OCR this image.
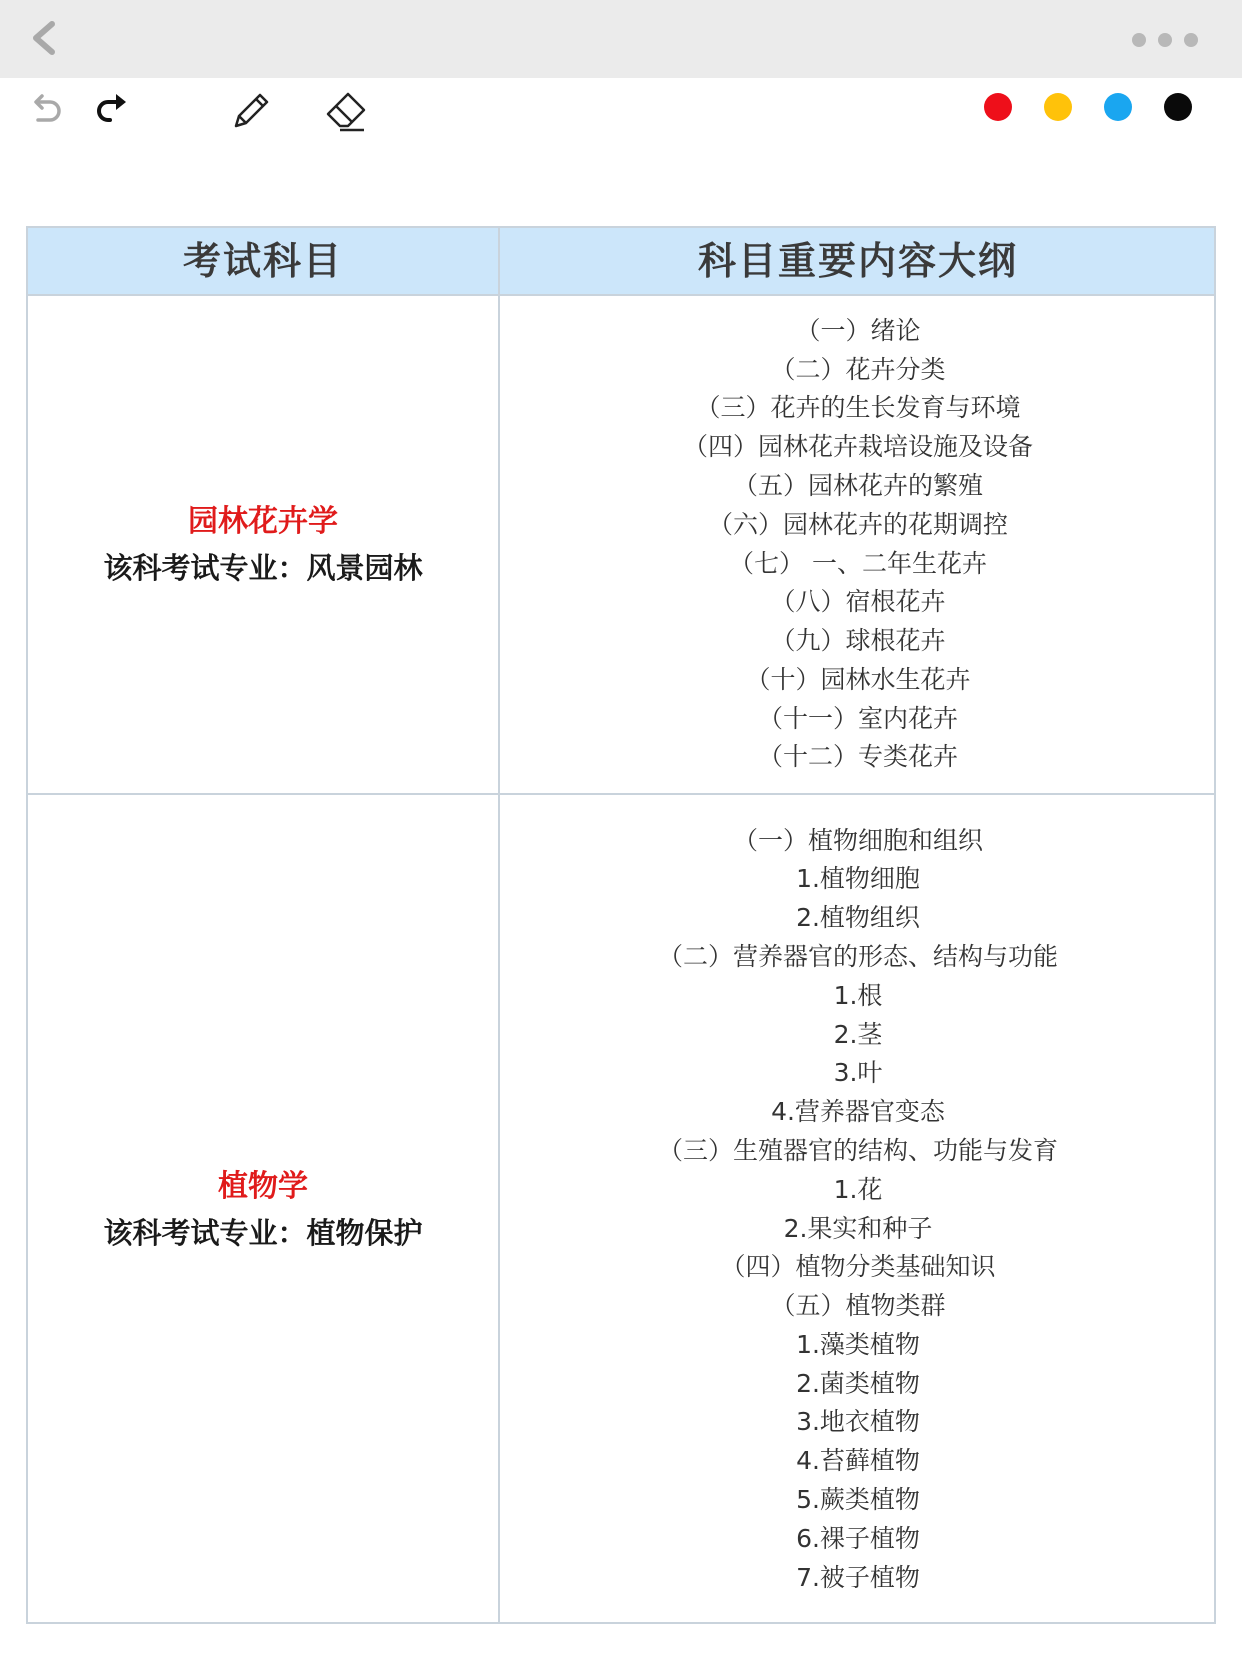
考试科目	科目重要内容大纲
园林花卉学
该科考试专业：风景园林
（一）绪论
（二）花卉分类
（三）花卉的生长发育与环境
（四）园林花卉栽培设施及设备
（五）园林花卉的繁殖
（六）园林花卉的花期调控
（七） 一、二年生花卉
（八）宿根花卉
（九）球根花卉
（十）园林水生花卉
（十一）室内花卉
（十二）专类花卉
植物学
该科考试专业：植物保护
（一）植物细胞和组织
1.植物细胞
2.植物组织
（二）营养器官的形态、结构与功能
1.根
2.茎
3.叶
4.营养器官变态
（三）生殖器官的结构、功能与发育
1.花
2.果实和种子
（四）植物分类基础知识
（五）植物类群
1.藻类植物
2.菌类植物
3.地衣植物
4.苔藓植物
5.蕨类植物
6.裸子植物
7.被子植物
